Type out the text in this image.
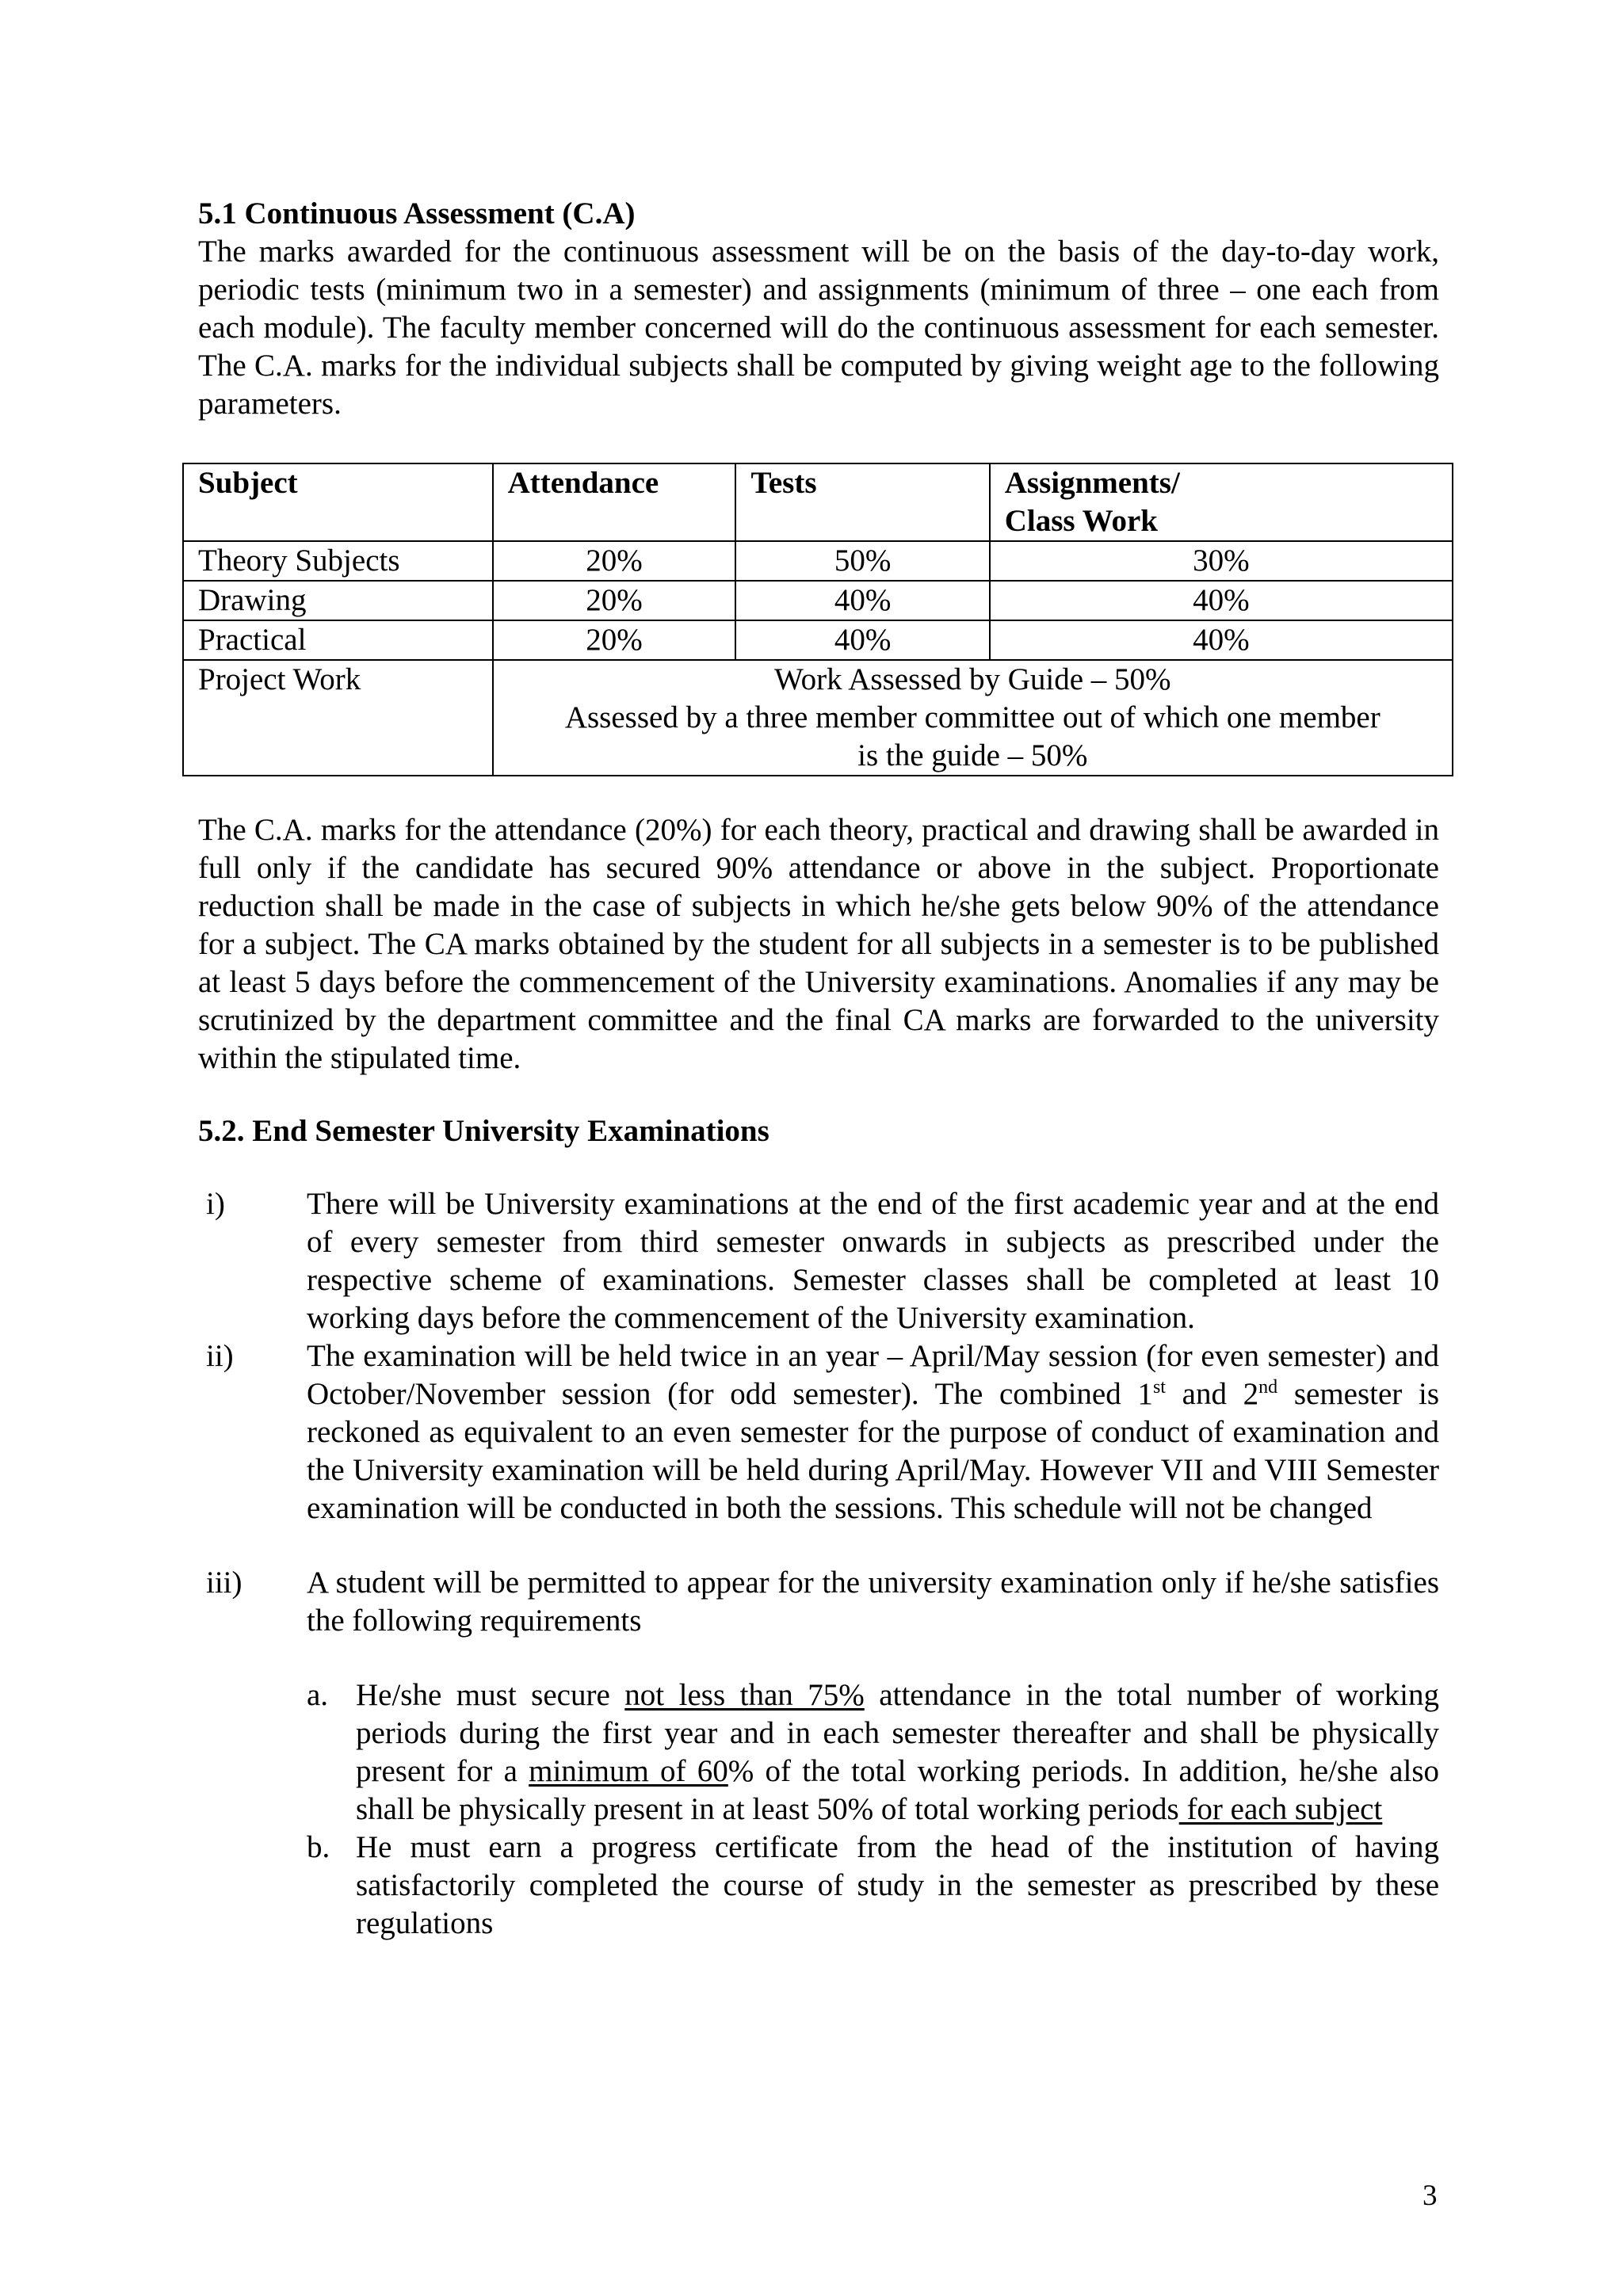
5.1 Continuous Assessment (C.A)

The marks awarded for the continuous assessment will be on the basis of the day-to-day work, periodic tests (minimum two in a semester) and assignments (minimum of three – one each from each module). The faculty member concerned will do the continuous assessment for each semester. The C.A. marks for the individual subjects shall be computed by giving weight age to the following parameters.

Subject	Attendance	Tests	Assignments/
Class Work
Theory Subjects	20%	50%	30%
Drawing	20%	40%	40%
Practical	20%	40%	40%
Project Work	Work Assessed by Guide – 50%
Assessed by a three member committee out of which one member
is the guide – 50%		

The C.A. marks for the attendance (20%) for each theory, practical and drawing shall be awarded in full only if the candidate has secured 90% attendance or above in the subject. Proportionate reduction shall be made in the case of subjects in which he/she gets below 90% of the attendance for a subject. The CA marks obtained by the student for all subjects in a semester is to be published at least 5 days before the commencement of the University examinations. Anomalies if any may be scrutinized by the department committee and the final CA marks are forwarded to the university within the stipulated time.

5.2. End Semester University Examinations

i)	There will be University examinations at the end of the first academic year and at the end of every semester from third semester onwards in subjects as prescribed under the respective scheme of examinations. Semester classes shall be completed at least 10 working days before the commencement of the University examination.
ii) The examination will be held twice in an year – April/May session (for even semester) and October/November session (for odd semester). The combined 1st and 2nd semester is reckoned as equivalent to an even semester for the purpose of conduct of examination and the University examination will be held during April/May. However VII and VIII Semester examination will be conducted in both the sessions. This schedule will not be changed
iii) A student will be permitted to appear for the university examination only if he/she satisfies the following requirements
a. He/she must secure not less than 75% attendance in the total number of working periods during the first year and in each semester thereafter and shall be physically present for a minimum of 60% of the total working periods. In addition, he/she also shall be physically present in at least 50% of total working periods for each subject
b. He must earn a progress certificate from the head of the institution of having satisfactorily completed the course of study in the semester as prescribed by these regulations
3
